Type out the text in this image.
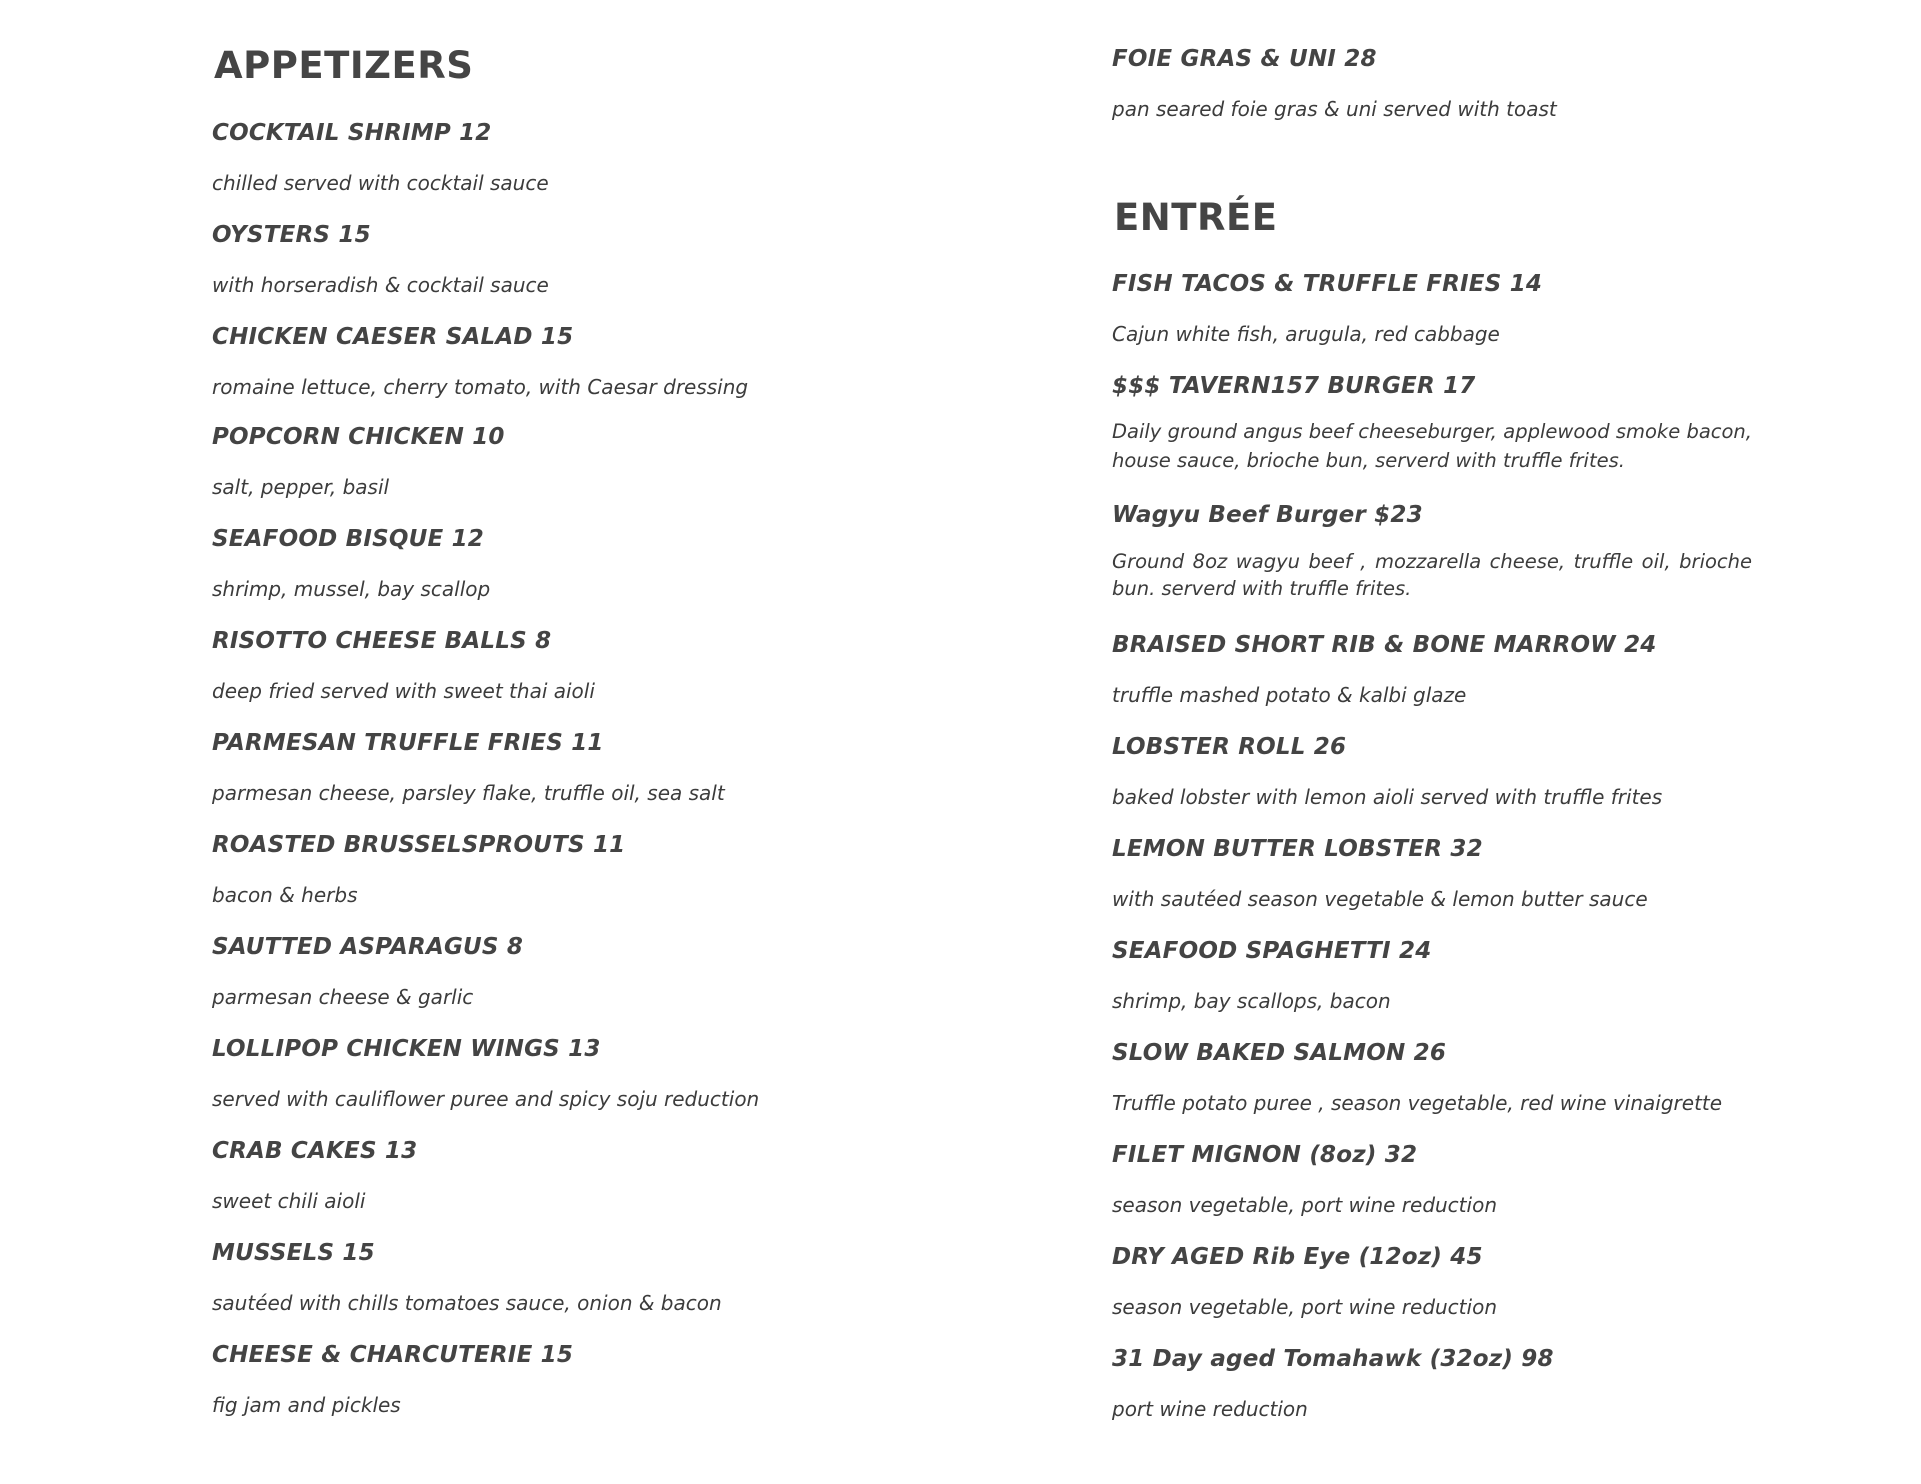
APPETIZERS
COCKTAIL SHRIMP 12
chilled served with cocktail sauce
OYSTERS 15
with horseradish & cocktail sauce
CHICKEN CAESER SALAD 15
romaine lettuce, cherry tomato, with Caesar dressing
POPCORN CHICKEN 10
salt, pepper, basil
SEAFOOD BISQUE 12
shrimp, mussel, bay scallop
RISOTTO CHEESE BALLS 8
deep fried served with sweet thai aioli
PARMESAN TRUFFLE FRIES 11
parmesan cheese, parsley flake, truffle oil, sea salt
ROASTED BRUSSELSPROUTS 11
bacon & herbs
SAUTTED ASPARAGUS 8
parmesan cheese & garlic
LOLLIPOP CHICKEN WINGS 13
served with cauliflower puree and spicy soju reduction
CRAB CAKES 13
sweet chili aioli
MUSSELS 15
sautéed with chills tomatoes sauce, onion & bacon
CHEESE & CHARCUTERIE 15
fig jam and pickles
FOIE GRAS & UNI 28
pan seared foie gras & uni served with toast
ENTRÉE
FISH TACOS & TRUFFLE FRIES 14
Cajun white fish, arugula, red cabbage
$$$ TAVERN157 BURGER 17
Daily ground angus beef cheeseburger, applewood smoke bacon, house sauce, brioche bun, serverd with truffle frites.
Wagyu Beef Burger $23
Ground 8oz wagyu beef , mozzarella cheese, truffle oil, brioche bun. serverd with truffle frites.
BRAISED SHORT RIB & BONE MARROW 24
truffle mashed potato & kalbi glaze
LOBSTER ROLL 26
baked lobster with lemon aioli served with truffle frites
LEMON BUTTER LOBSTER 32
with sautéed season vegetable & lemon butter sauce
SEAFOOD SPAGHETTI 24
shrimp, bay scallops, bacon
SLOW BAKED SALMON 26
Truffle potato puree , season vegetable, red wine vinaigrette
FILET MIGNON (8oz) 32
season vegetable, port wine reduction
DRY AGED Rib Eye (12oz) 45
season vegetable, port wine reduction
31 Day aged Tomahawk (32oz) 98
port wine reduction
